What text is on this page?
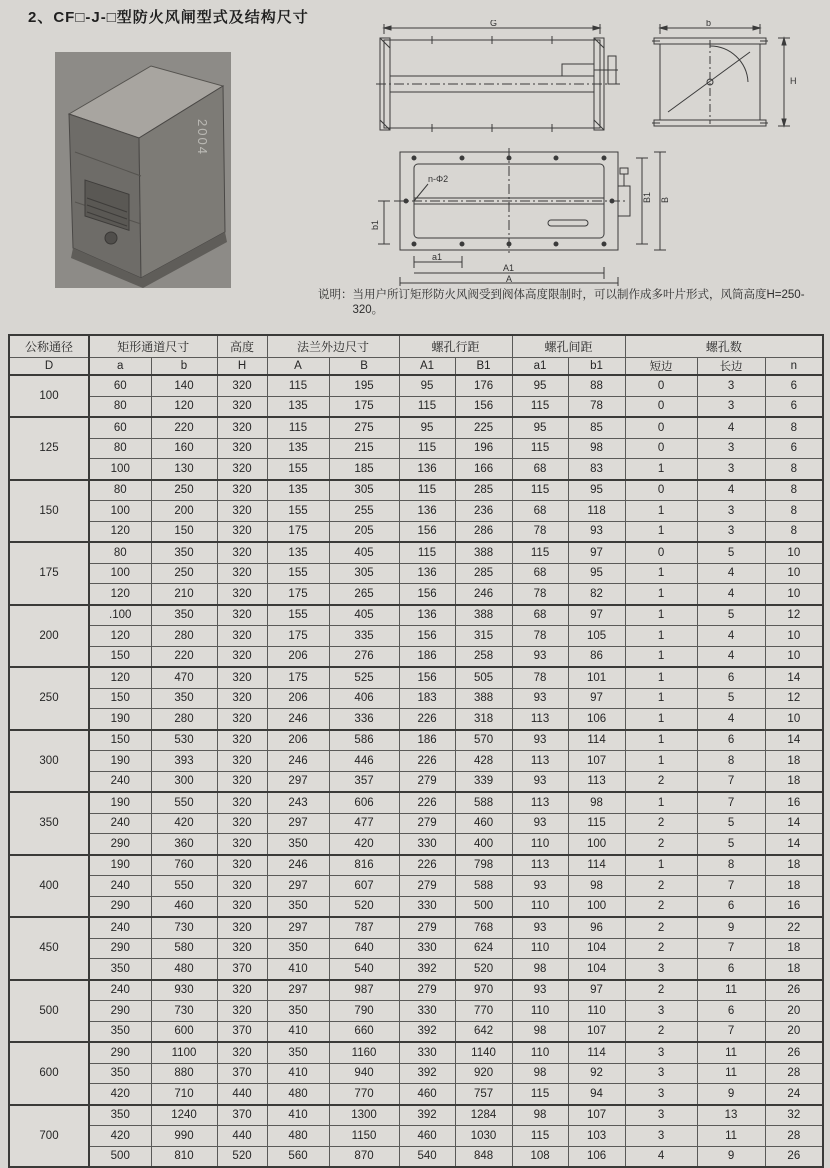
2、CF□-J-□型防火风闸型式及结构尺寸
2004
G	b
H
n-Φ2
b1
a1
A1
A
B1 B
说明： 当用户所订矩形防火风阀受到阀体高度限制时，可以制作成多叶片形式，风筒高度H=250-320。
公称通径	矩形通道尺寸		高度	法兰外边尺寸		螺孔行距		螺孔间距		螺孔数		
D	a	b	H	A	B	A1	B1	a1	b1	短边	长边	n
100	60	140	320	115	195	95	176	95	88	0	3	6
	80	120	320	135	175	115	156	115	78	0	3	6
125	60	220	320	115	275	95	225	95	85	0	4	8
	80	160	320	135	215	115	196	115	98	0	3	6
	100	130	320	155	185	136	166	68	83	1	3	8
150	80	250	320	135	305	115	285	115	95	0	4	8
	100	200	320	155	255	136	236	68	118	1	3	8
	120	150	320	175	205	156	286	78	93	1	3	8
175	80	350	320	135	405	115	388	115	97	0	5	10
	100	250	320	155	305	136	285	68	95	1	4	10
	120	210	320	175	265	156	246	78	82	1	4	10
200	.100	350	320	155	405	136	388	68	97	1	5	12
	120	280	320	175	335	156	315	78	105	1	4	10
	150	220	320	206	276	186	258	93	86	1	4	10
250	120	470	320	175	525	156	505	78	101	1	6	14
	150	350	320	206	406	183	388	93	97	1	5	12
	190	280	320	246	336	226	318	113	106	1	4	10
300	150	530	320	206	586	186	570	93	114	1	6	14
	190	393	320	246	446	226	428	113	107	1	8	18
	240	300	320	297	357	279	339	93	113	2	7	18
350	190	550	320	243	606	226	588	113	98	1	7	16
	240	420	320	297	477	279	460	93	115	2	5	14
	290	360	320	350	420	330	400	110	100	2	5	14
400	190	760	320	246	816	226	798	113	114	1	8	18
	240	550	320	297	607	279	588	93	98	2	7	18
	290	460	320	350	520	330	500	110	100	2	6	16
450	240	730	320	297	787	279	768	93	96	2	9	22
	290	580	320	350	640	330	624	110	104	2	7	18
	350	480	370	410	540	392	520	98	104	3	6	18
500	240	930	320	297	987	279	970	93	97	2	11	26
	290	730	320	350	790	330	770	110	110	3	6	20
	350	600	370	410	660	392	642	98	107	2	7	20
600	290	1100	320	350	1160	330	1140	110	114	3	11	26
	350	880	370	410	940	392	920	98	92	3	11	28
	420	710	440	480	770	460	757	115	94	3	9	24
700	350	1240	370	410	1300	392	1284	98	107	3	13	32
	420	990	440	480	1150	460	1030	115	103	3	11	28
	500	810	520	560	870	540	848	108	106	4	9	26
